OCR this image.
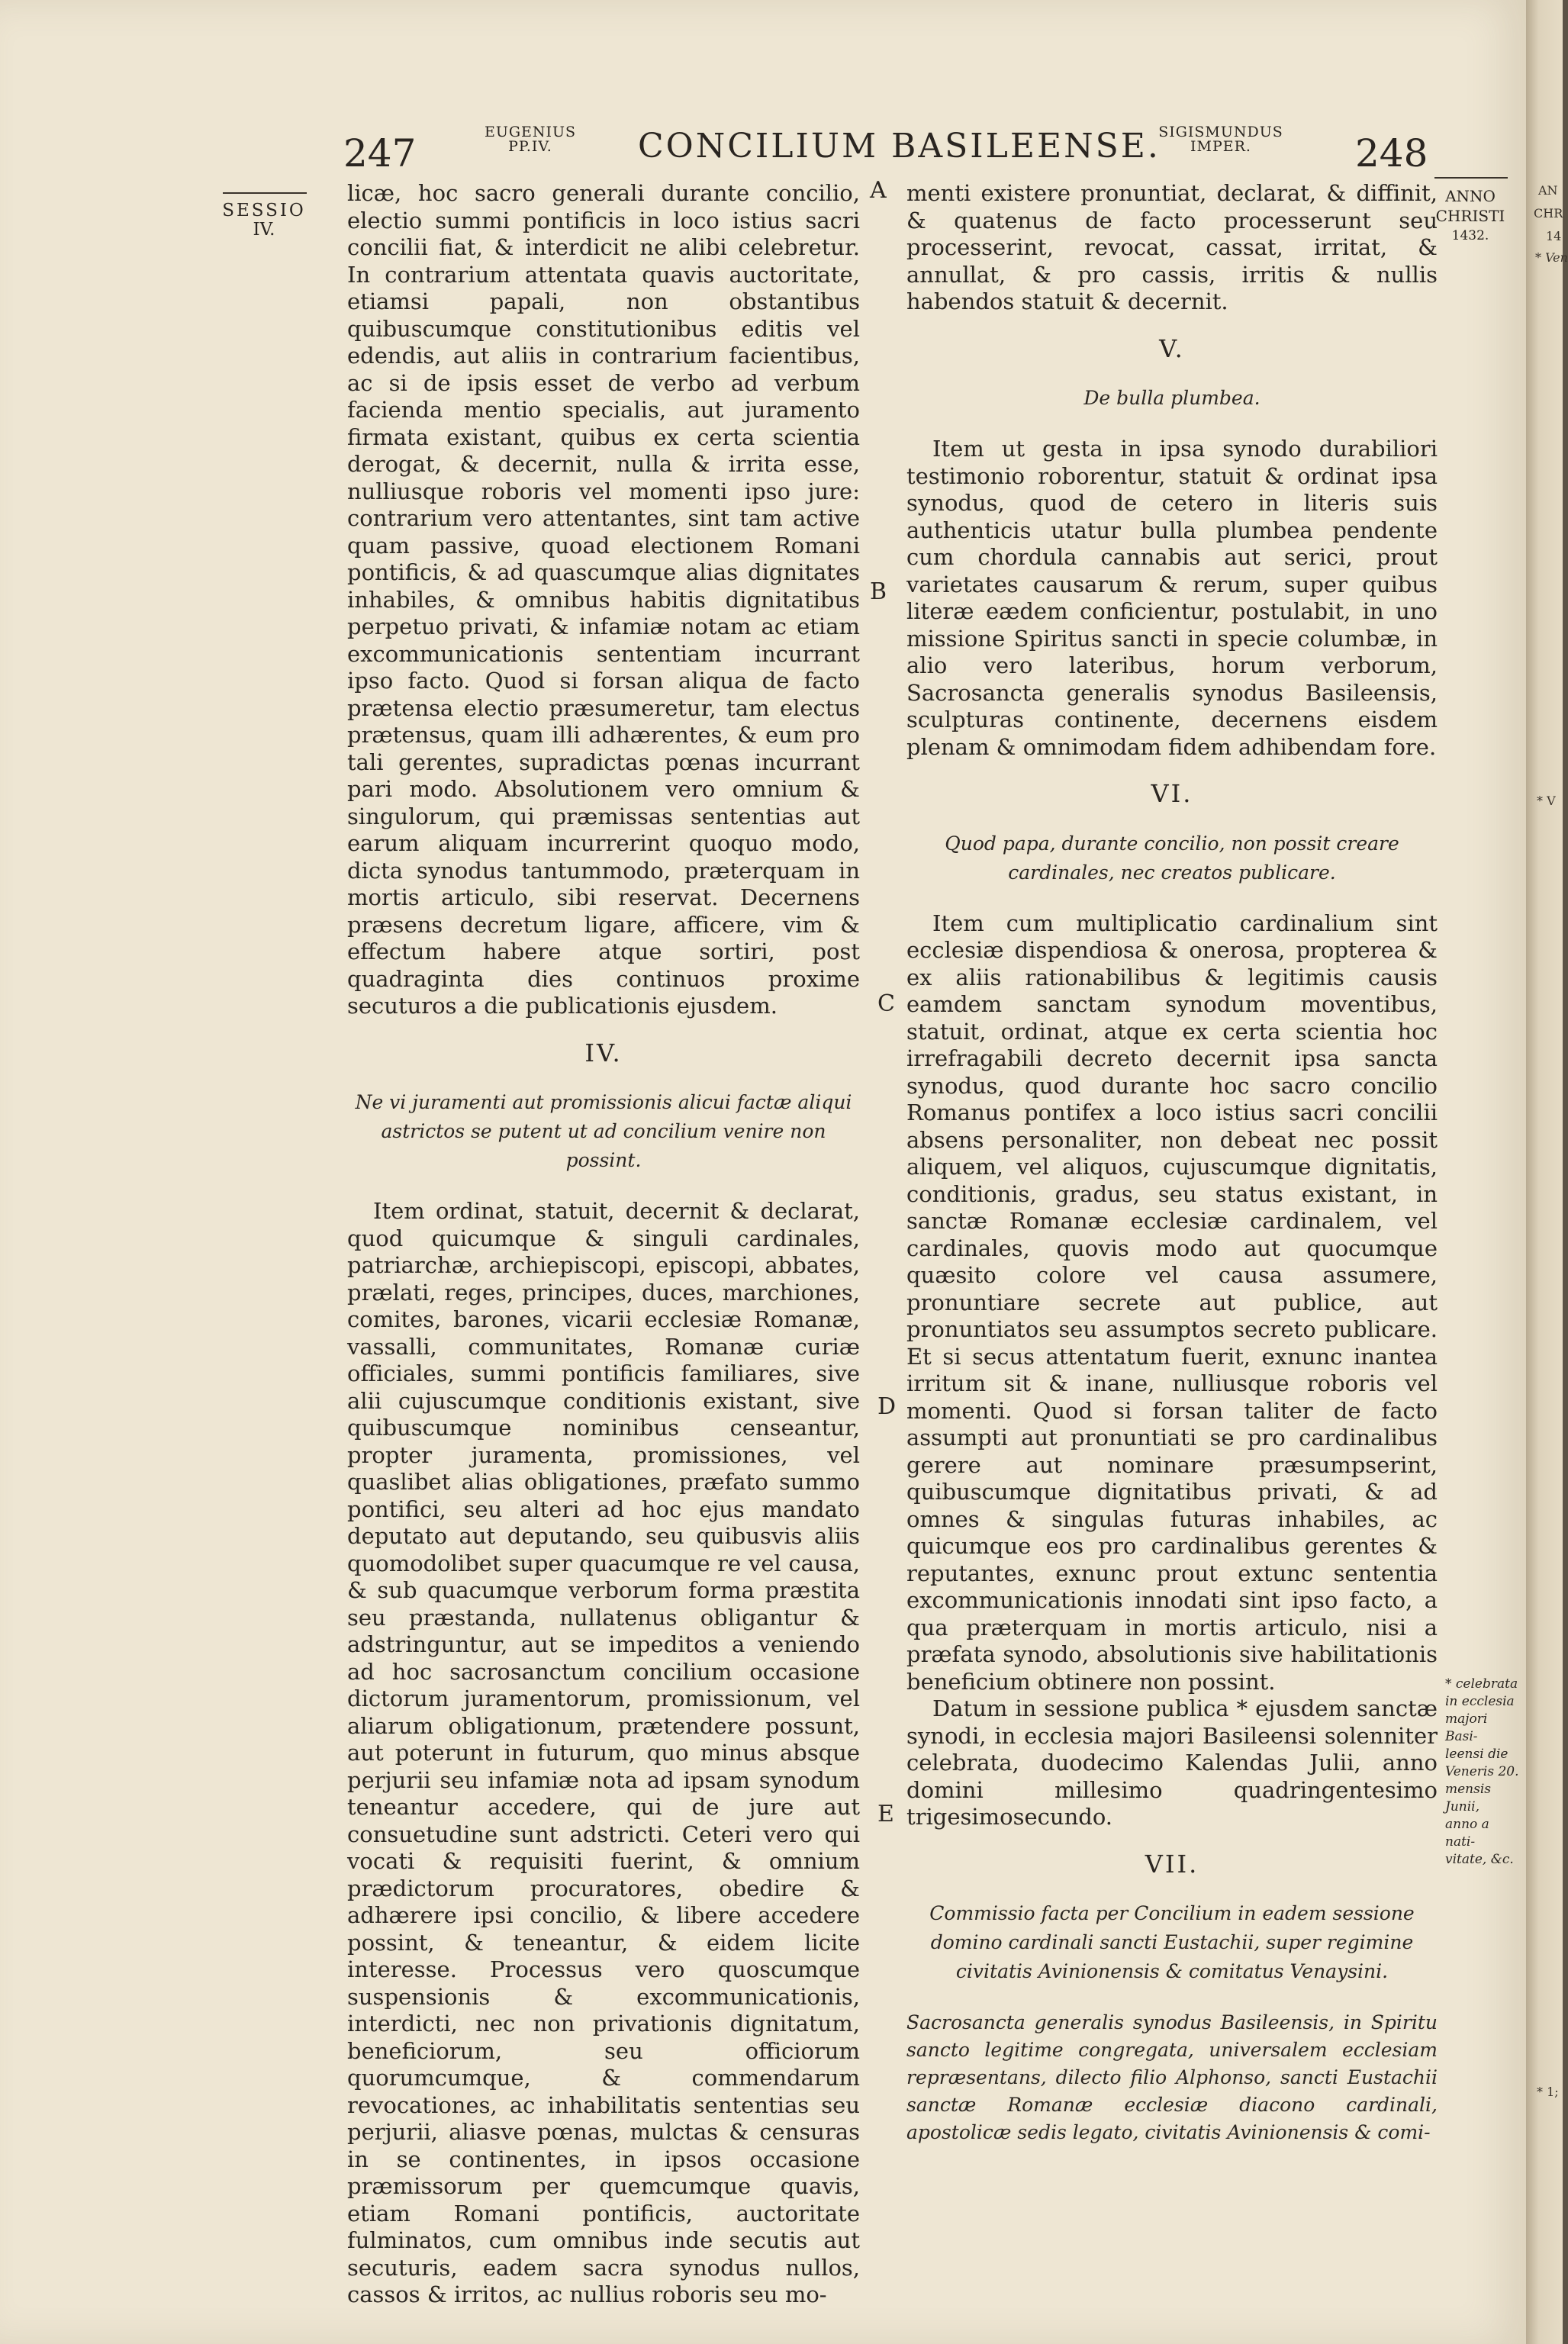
247	EUGENIUS
PP.IV.	CONCILIUM BASILEENSE.
SIGISMUNDUS
IMPER.	248
SESSIO
IV.
ANNO
CHRISTI
1432.
A
B
C
D
E
* celebrata
in ecclesia
majori Basi-
leensi die
Veneris 20.
mensis Junii,
anno a nati-
vitate, &c.

licæ, hoc sacro generali durante concilio, electio summi pontificis in loco istius sacri concilii fiat, & interdicit ne alibi celebretur. In contrarium attentata quavis auctoritate, etiamsi papali, non obstantibus quibuscumque constitutionibus editis vel edendis, aut aliis in contrarium facientibus, ac si de ipsis esset de verbo ad verbum facienda mentio specialis, aut juramento firmata existant, quibus ex certa scientia derogat, & decernit, nulla & irrita esse, nulliusque roboris vel momenti ipso jure: contrarium vero attentantes, sint tam active quam passive, quoad electionem Romani pontificis, & ad quascumque alias dignitates inhabiles, & omnibus habitis dignitatibus perpetuo privati, & infamiæ notam ac etiam excommunicationis sententiam incurrant ipso facto. Quod si forsan aliqua de facto prætensa electio præsumeretur, tam electus prætensus, quam illi adhærentes, & eum pro tali gerentes, supradictas pœnas incurrant pari modo. Absolutionem vero omnium & singulorum, qui præmissas sententias aut earum aliquam incurrerint quoquo modo, dicta synodus tantummodo, præterquam in mortis articulo, sibi reservat. Decernens præsens decretum ligare, afficere, vim & effectum habere atque sortiri, post quadraginta dies continuos proxime secuturos a die publicationis ejusdem.

IV.
Ne vi juramenti aut promissionis alicui factæ aliqui astrictos se putent ut ad concilium venire non possint.

Item ordinat, statuit, decernit & declarat, quod quicumque & singuli cardinales, patriarchæ, archiepiscopi, episcopi, abbates, prælati, reges, principes, duces, marchiones, comites, barones, vicarii ecclesiæ Romanæ, vassalli, communitates, Romanæ curiæ officiales, summi pontificis familiares, sive alii cujuscumque conditionis existant, sive quibuscumque nominibus censeantur, propter juramenta, promissiones, vel quaslibet alias obligationes, præfato summo pontifici, seu alteri ad hoc ejus mandato deputato aut deputando, seu quibusvis aliis quomodolibet super quacumque re vel causa, & sub quacumque verborum forma præstita seu præstanda, nullatenus obligantur & adstringuntur, aut se impeditos a veniendo ad hoc sacrosanctum concilium occasione dictorum juramentorum, promissionum, vel aliarum obligationum, prætendere possunt, aut poterunt in futurum, quo minus absque perjurii seu infamiæ nota ad ipsam synodum teneantur accedere, qui de jure aut consuetudine sunt adstricti. Ceteri vero qui vocati & requisiti fuerint, & omnium prædictorum procuratores, obedire & adhærere ipsi concilio, & libere accedere possint, & teneantur, & eidem licite interesse. Processus vero quoscumque suspensionis & excommunicationis, interdicti, nec non privationis dignitatum, beneficiorum, seu officiorum quorumcumque, & commendarum revocationes, ac inhabilitatis sententias seu perjurii, aliasve pœnas, mulctas & censuras in se continentes, in ipsos occasione præmissorum per quemcumque quavis, etiam Romani pontificis, auctoritate fulminatos, cum omnibus inde secutis aut secuturis, eadem sacra synodus nullos, cassos & irritos, ac nullius roboris seu mo-

menti existere pronuntiat, declarat, & diffinit, & quatenus de facto processerunt seu processerint, revocat, cassat, irritat, & annullat, & pro cassis, irritis & nullis habendos statuit & decernit.

V.
De bulla plumbea.

Item ut gesta in ipsa synodo durabiliori testimonio roborentur, statuit & ordinat ipsa synodus, quod de cetero in literis suis authenticis utatur bulla plumbea pendente cum chordula cannabis aut serici, prout varietates causarum & rerum, super quibus literæ eædem conficientur, postulabit, in uno missione Spiritus sancti in specie columbæ, in alio vero lateribus, horum verborum, Sacrosancta generalis synodus Basileensis, sculpturas continente, decernens eisdem plenam & omnimodam fidem adhibendam fore.

VI.
Quod papa, durante concilio, non possit creare cardinales, nec creatos publicare.

Item cum multiplicatio cardinalium sint ecclesiæ dispendiosa & onerosa, propterea & ex aliis rationabilibus & legitimis causis eamdem sanctam synodum moventibus, statuit, ordinat, atque ex certa scientia hoc irrefragabili decreto decernit ipsa sancta synodus, quod durante hoc sacro concilio Romanus pontifex a loco istius sacri concilii absens personaliter, non debeat nec possit aliquem, vel aliquos, cujuscumque dignitatis, conditionis, gradus, seu status existant, in sanctæ Romanæ ecclesiæ cardinalem, vel cardinales, quovis modo aut quocumque quæsito colore vel causa assumere, pronuntiare secrete aut publice, aut pronuntiatos seu assumptos secreto publicare. Et si secus attentatum fuerit, exnunc inantea irritum sit & inane, nulliusque roboris vel momenti. Quod si forsan taliter de facto assumpti aut pronuntiati se pro cardinalibus gerere aut nominare præsumpserint, quibuscumque dignitatibus privati, & ad omnes & singulas futuras inhabiles, ac quicumque eos pro cardinalibus gerentes & reputantes, exnunc prout extunc sententia excommunicationis innodati sint ipso facto, a qua præterquam in mortis articulo, nisi a præfata synodo, absolutionis sive habilitationis beneficium obtinere non possint.

Datum in sessione publica * ejusdem sanctæ synodi, in ecclesia majori Basileensi solenniter celebrata, duodecimo Kalendas Julii, anno domini millesimo quadringentesimo trigesimosecundo.

VII.
Commissio facta per Concilium in eadem sessione domino cardinali sancti Eustachii, super regimine civitatis Avinionensis & comitatus Venaysini.
Sacrosancta generalis synodus Basileensis, in Spiritu sancto legitime congregata, universalem ecclesiam repræsentans, dilecto filio Alphonso, sancti Eustachii sanctæ Romanæ ecclesiæ diacono cardinali, apostolicæ sedis legato, civitatis Avinionensis & comi-
AN
CHR
14
* Ven
* V
* 1;
